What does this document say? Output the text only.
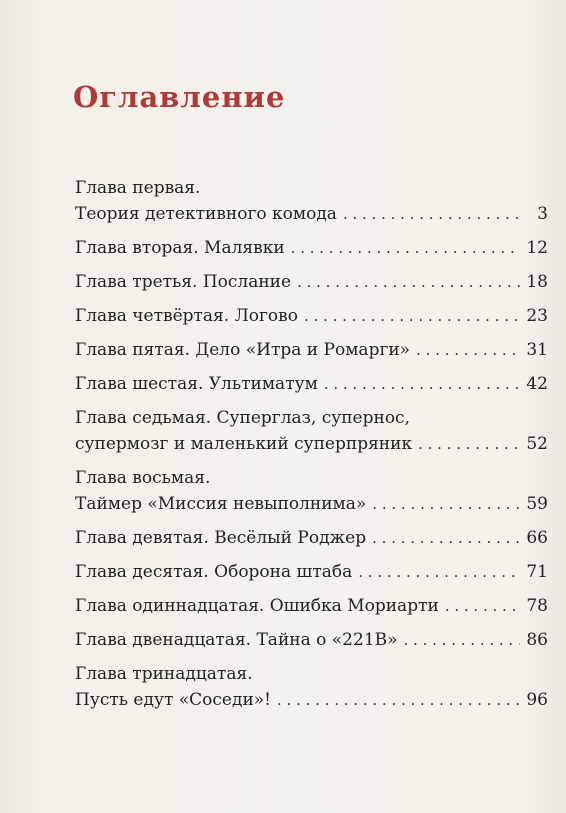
Оглавление
Глава первая.
Теория детективного комода . . .	3
Глава вторая. Малявки . . .	12
Глава третья. Послание . . .	18
Глава четвёртая. Логово . . .	23
Глава пятая. Дело «Итра и Ромарги» . . .	31
Глава шестая. Ультиматум . . .	42
Глава седьмая. Суперглаз, супернос,
супермозг и маленький суперпряник . . .	52
Глава восьмая.
Таймер «Миссия невыполнима» . . .	59
Глава девятая. Весёлый Роджер . . .	66
Глава десятая. Оборона штаба . . .	71
Глава одиннадцатая. Ошибка Мориарти . . .	78
Глава двенадцатая. Тайна о «221B» . . .	86
Глава тринадцатая.
Пусть едут «Соседи»! . . .	96
